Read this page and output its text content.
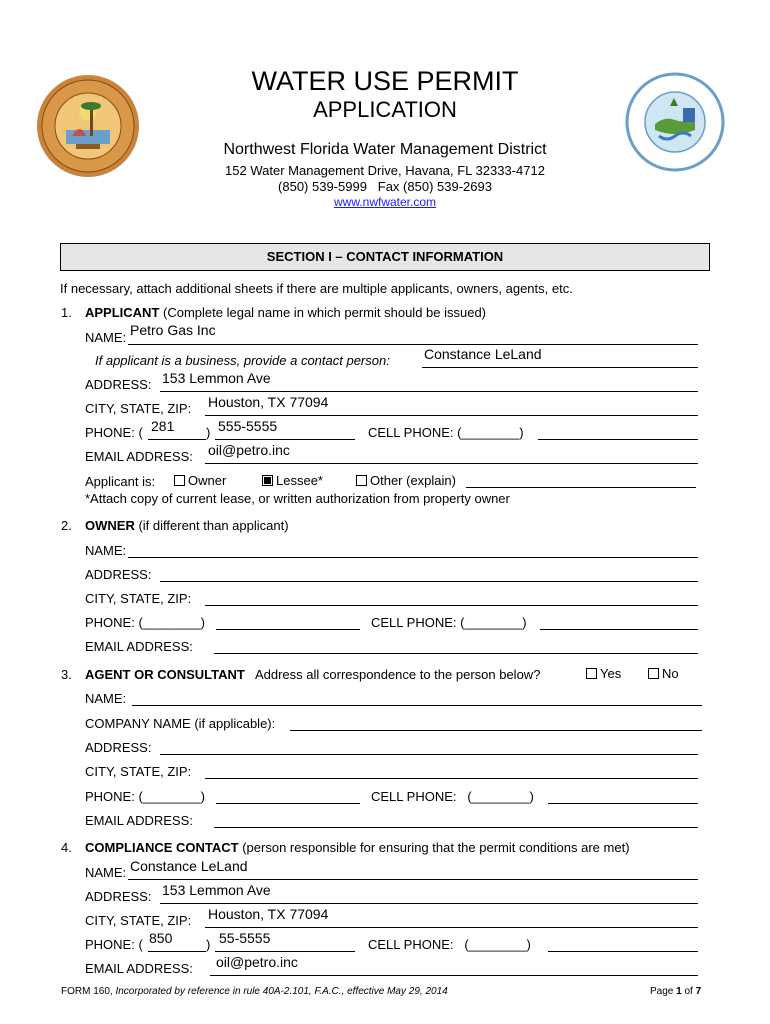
WATER USE PERMIT
APPLICATION
Northwest Florida Water Management District
152 Water Management Drive, Havana, FL 32333-4712
(850) 539-5999   Fax (850) 539-2693
www.nwfwater.com
SECTION I – CONTACT INFORMATION
If necessary, attach additional sheets if there are multiple applicants, owners, agents, etc.
1. APPLICANT (Complete legal name in which permit should be issued)
NAME: Petro Gas Inc
If applicant is a business, provide a contact person: Constance LeLand
ADDRESS: 153 Lemmon Ave
CITY, STATE, ZIP: Houston, TX 77094
PHONE: ( 281 ) 555-5555	CELL PHONE: (________)
EMAIL ADDRESS: oil@petro.inc
Applicant is:	Owner	Lessee*	Other (explain)
*Attach copy of current lease, or written authorization from property owner
2. OWNER (if different than applicant)
NAME:
ADDRESS:
CITY, STATE, ZIP:
PHONE: (________)	CELL PHONE: (________)
EMAIL ADDRESS:
3. AGENT OR CONSULTANT Address all correspondence to the person below?	Yes	No
NAME:
COMPANY NAME (if applicable):
ADDRESS:
CITY, STATE, ZIP:
PHONE: (________)	CELL PHONE:   (________)
EMAIL ADDRESS:
4. COMPLIANCE CONTACT (person responsible for ensuring that the permit conditions are met)
NAME: Constance LeLand
ADDRESS: 153 Lemmon Ave
CITY, STATE, ZIP: Houston, TX 77094
PHONE: ( 850	) 55-5555	CELL PHONE:   (________)
EMAIL ADDRESS: oil@petro.inc
FORM 160, Incorporated by reference in rule 40A-2.101, F.A.C., effective May 29, 2014	Page 1 of 7
